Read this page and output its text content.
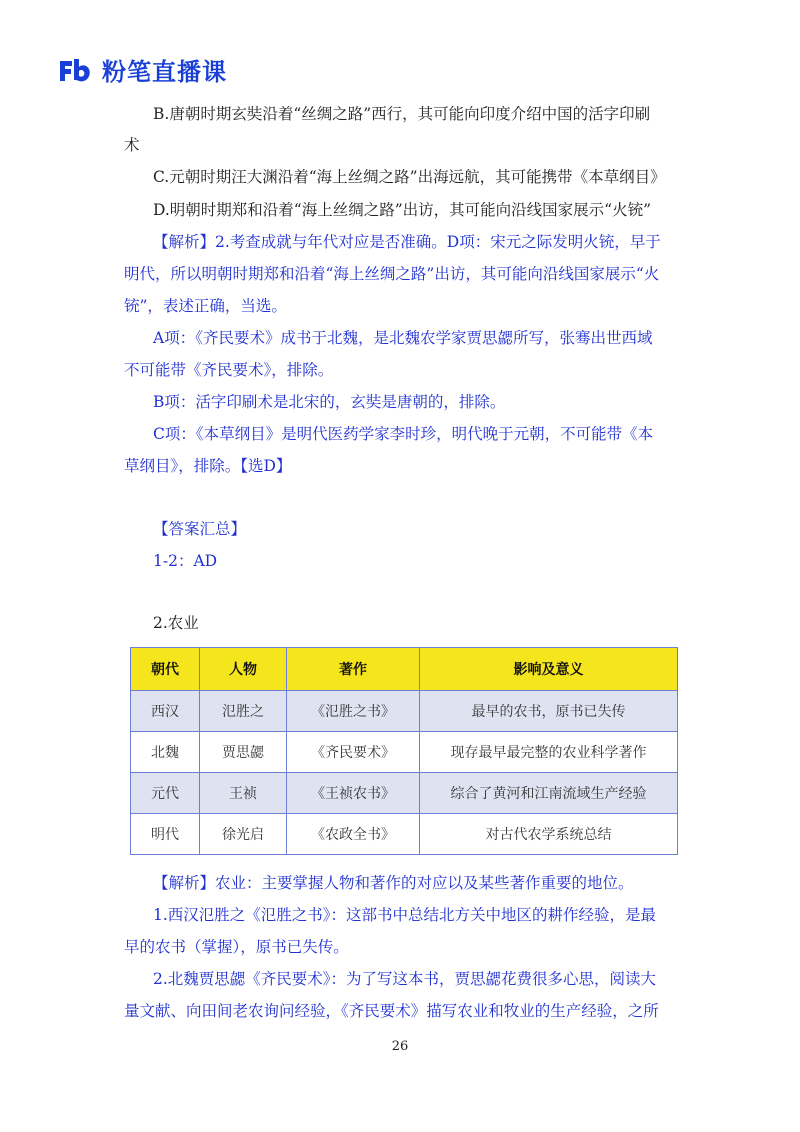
粉笔直播课
B.唐朝时期玄奘沿着“丝绸之路”西行，其可能向印度介绍中国的活字印刷
术
C.元朝时期汪大渊沿着“海上丝绸之路”出海远航，其可能携带《本草纲目》
D.明朝时期郑和沿着“海上丝绸之路”出访，其可能向沿线国家展示“火铳”
【解析】2.考查成就与年代对应是否准确。D项：宋元之际发明火铳，早于
明代，所以明朝时期郑和沿着“海上丝绸之路”出访，其可能向沿线国家展示“火
铳”，表述正确，当选。
A项：《齐民要术》成书于北魏，是北魏农学家贾思勰所写，张骞出世西域
不可能带《齐民要术》，排除。
B项：活字印刷术是北宋的，玄奘是唐朝的，排除。
C项：《本草纲目》是明代医药学家李时珍，明代晚于元朝，不可能带《本
草纲目》，排除。【选D】
【答案汇总】
1-2：AD
2.农业
朝代	人物	著作	影响及意义
西汉	氾胜之	《氾胜之书》	最早的农书，原书已失传
北魏	贾思勰	《齐民要术》	现存最早最完整的农业科学著作
元代	王祯	《王祯农书》	综合了黄河和江南流域生产经验
明代	徐光启	《农政全书》	对古代农学系统总结
【解析】农业：主要掌握人物和著作的对应以及某些著作重要的地位。
1.西汉氾胜之《氾胜之书》：这部书中总结北方关中地区的耕作经验，是最
早的农书（掌握），原书已失传。
2.北魏贾思勰《齐民要术》：为了写这本书，贾思勰花费很多心思，阅读大
量文献、向田间老农询问经验，《齐民要术》描写农业和牧业的生产经验，之所
26
